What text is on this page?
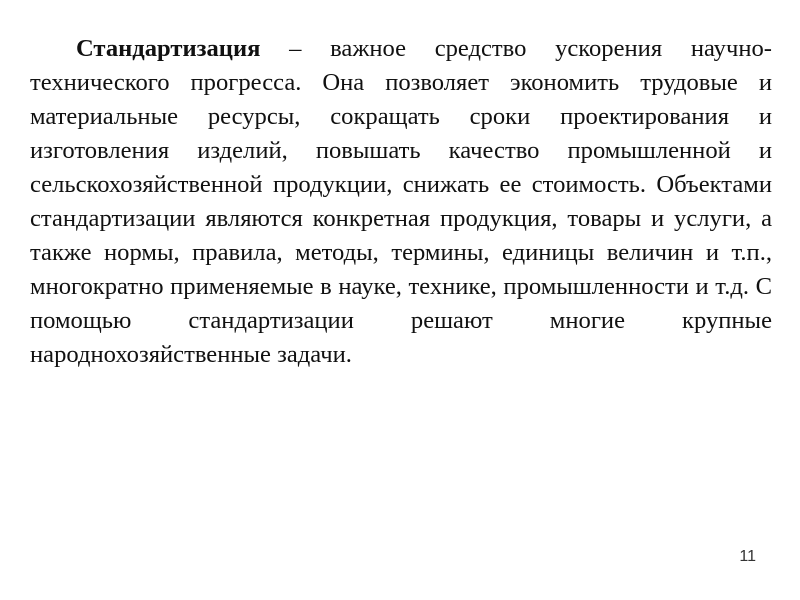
Стандартизация – важное средство ускорения научно-технического прогресса. Она позволяет экономить трудовые и материальные ресурсы, сокращать сроки проектирования и изготовления изделий, повышать качество промышленной и сельскохозяйственной продукции, снижать ее стоимость. Объектами стандартизации являются конкретная продукция, товары и услуги, а также нормы, правила, методы, термины, единицы величин и т.п., многократно применяемые в науке, технике, промышленности и т.д. С помощью стандартизации решают многие крупные народнохозяйственные задачи.

11
